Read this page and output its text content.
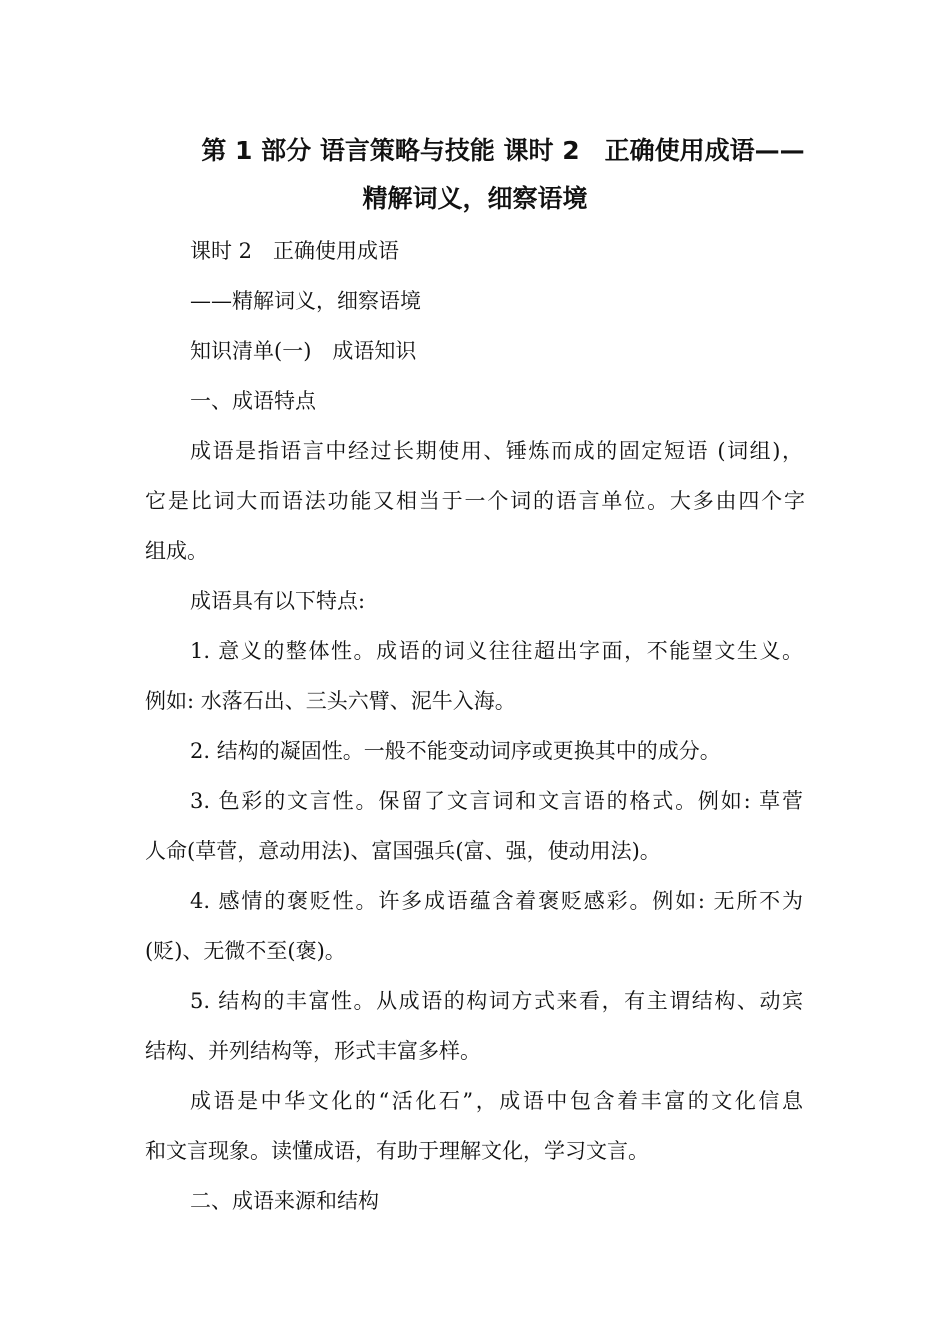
第 1 部分 语言策略与技能 课时 2　正确使用成语——
精解词义，细察语境
课时 2　正确使用成语
——精解词义，细察语境
知识清单(一)　成语知识
一、成语特点
成语是指语言中经过长期使用、锤炼而成的固定短语 (词组)，
它是比词大而语法功能又相当于一个词的语言单位。大多由四个字
组成。
成语具有以下特点:
1. 意义的整体性。成语的词义往往超出字面，不能望文生义。
例如: 水落石出、三头六臂、泥牛入海。
2. 结构的凝固性。一般不能变动词序或更换其中的成分。
3. 色彩的文言性。保留了文言词和文言语的格式。例如: 草菅
人命(草菅，意动用法)、富国强兵(富、强，使动用法)。
4. 感情的褒贬性。许多成语蕴含着褒贬感彩。例如: 无所不为
(贬)、无微不至(褒)。
5. 结构的丰富性。从成语的构词方式来看，有主谓结构、动宾
结构、并列结构等，形式丰富多样。
成语是中华文化的“活化石”，成语中包含着丰富的文化信息
和文言现象。读懂成语，有助于理解文化，学习文言。
二、成语来源和结构
